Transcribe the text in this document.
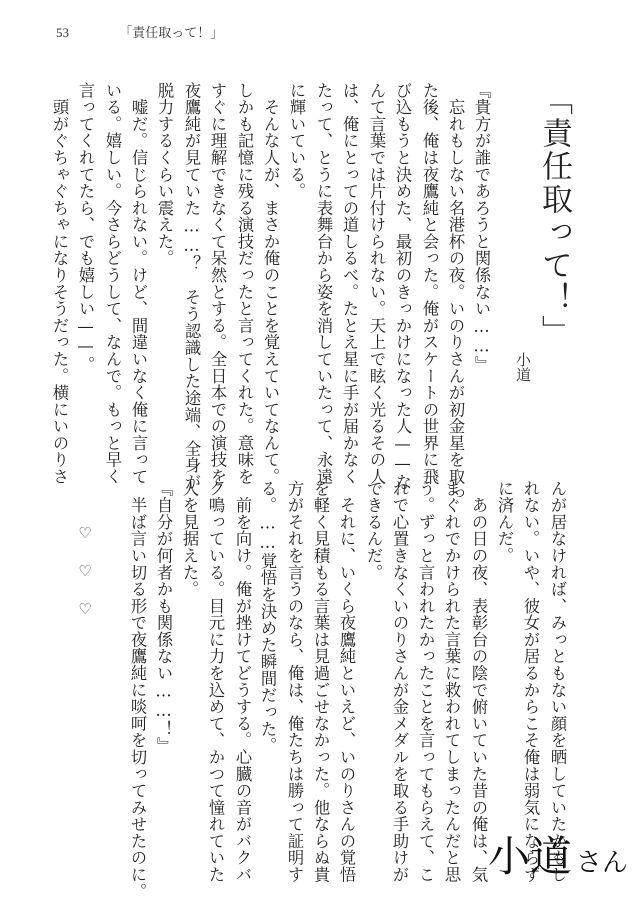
53	「責任取って！」
「責任取って！」
小道
『貴方が誰であろうと関係ない……』
　忘れもしない名港杯の夜。いのりさんが初金星を取っ
た後、俺は夜鷹純と会った。俺がスケートの世界に飛
び込もうと決めた、最初のきっかけになった人——な
んて言葉では片付けられない。天上で眩く光るその人
は、俺にとっての道しるべ。たとえ星に手が届かなく
たって、とうに表舞台から姿を消していたって、永遠
に輝いている。
　そんな人が、まさか俺のことを覚えていてなんて。
しかも記憶に残る演技だったと言ってくれた。意味を
すぐに理解できなくて呆然とする。全日本での演技を
夜鷹純が見ていた……？　そう認識した途端、全身が
脱力するくらい震えた。
　嘘だ。信じられない。けど、間違いなく俺に言って
いる。嬉しい。今さらどうして、なんで。もっと早く
言ってくれてたら、でも嬉しい——。
　頭がぐちゃぐちゃになりそうだった。横にいのりさ
んが居なければ、みっともない顔を晒していたかもし
れない。いや、彼女が居るからこそ俺は弱気にならず
に済んだ。
　あの日の夜、表彰台の陰で俯いていた昔の俺は、気
まぐれでかけられた言葉に救われてしまったんだと思
う。ずっと言われたかったことを言ってもらえて、こ
れで心置きなくいのりさんが金メダルを取る手助けが
できるんだ。
　それに、いくら夜鷹純といえど、いのりさんの覚悟
を軽く見積もる言葉は見過ごせなかった。他ならぬ貴
方がそれを言うのなら、俺は、俺たちは勝って証明す
る。……覚悟を決めた瞬間だった。
　前を向け。俺が挫けてどうする。心臓の音がバクバ
ク鳴っている。目元に力を込めて、かつて憧れていた
人を見据えた。
『自分が何者かも関係ない……！』
　半ば言い切る形で夜鷹純に啖呵を切ってみせたのに。
♡♡♡
小道 さん
